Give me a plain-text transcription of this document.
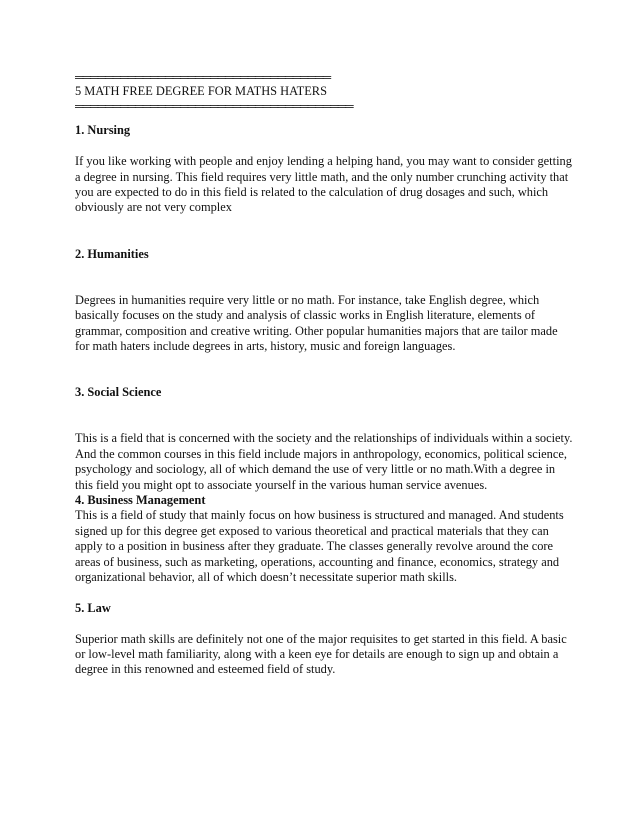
══════════════════════════════════
5 MATH FREE DEGREE FOR MATHS HATERS
═════════════════════════════════════

1. Nursing

If you like working with people and enjoy lending a helping hand, you may want to consider getting a degree in nursing. This field requires very little math, and the only number crunching activity that you are expected to do in this field is related to the calculation of drug dosages and such, which obviously are not very complex

2. Humanities

Degrees in humanities require very little or no math. For instance, take English degree, which basically focuses on the study and analysis of classic works in English literature, elements of grammar, composition and creative writing. Other popular humanities majors that are tailor made for math haters include degrees in arts, history, music and foreign languages.

3. Social Science

This is a field that is concerned with the society and the relationships of individuals within a society. And the common courses in this field include majors in anthropology, economics, political science, psychology and sociology, all of which demand the use of very little or no math.With a degree in this field you might opt to associate yourself in the various human service avenues.

4. Business Management

This is a field of study that mainly focus on how business is structured and managed. And students signed up for this degree get exposed to various theoretical and practical materials that they can apply to a position in business after they graduate. The classes generally revolve around the core areas of business, such as marketing, operations, accounting and finance, economics, strategy and organizational behavior, all of which doesn’t necessitate superior math skills.

5. Law

Superior math skills are definitely not one of the major requisites to get started in this field. A basic or low-level math familiarity, along with a keen eye for details are enough to sign up and obtain a degree in this renowned and esteemed field of study.
